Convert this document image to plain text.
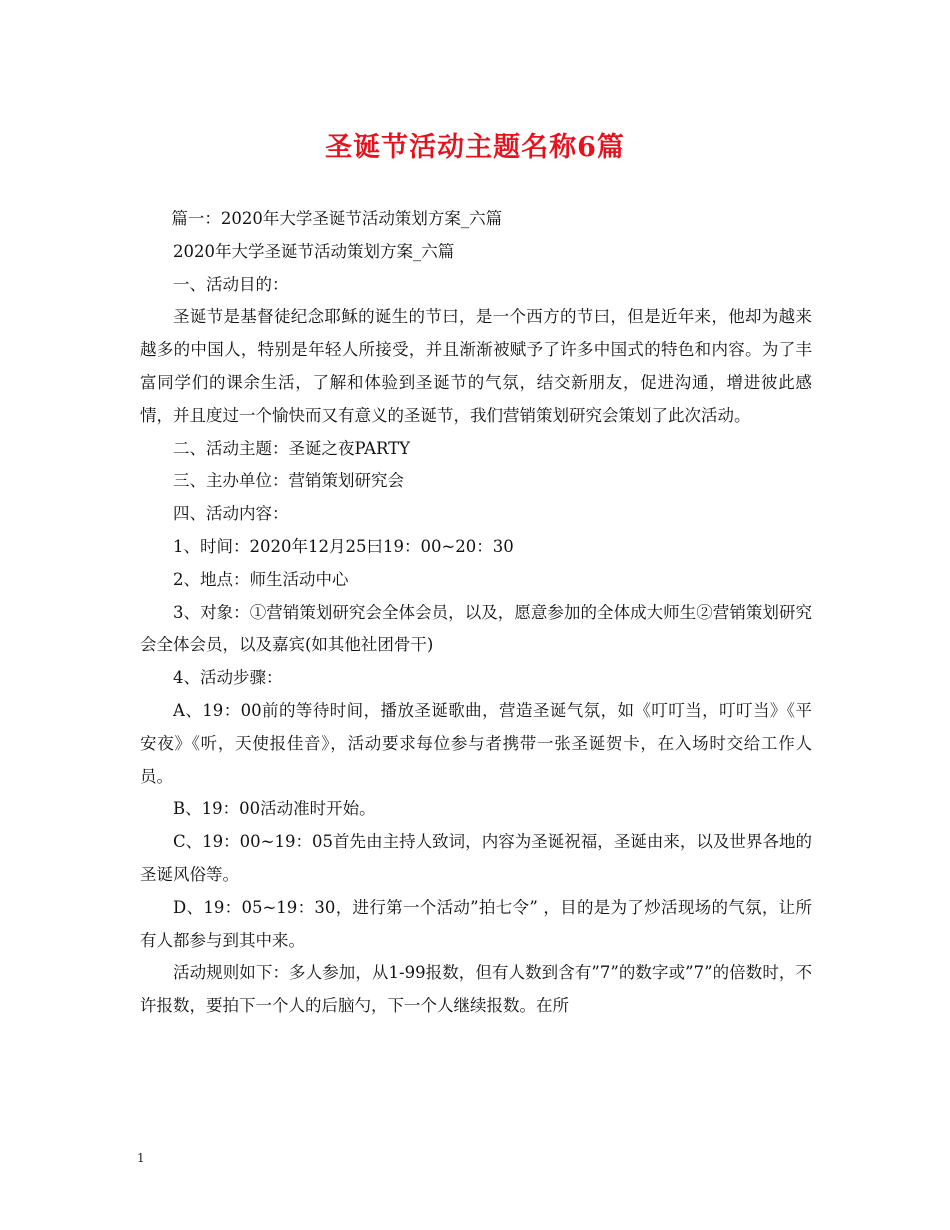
圣诞节活动主题名称6篇

篇一：2020年大学圣诞节活动策划方案_六篇

2020年大学圣诞节活动策划方案_六篇

一、活动目的：

圣诞节是基督徒纪念耶稣的诞生的节曰，是一个西方的节曰，但是近年来，他却为越来越多的中国人，特别是年轻人所接受，并且渐渐被赋予了许多中国式的特色和内容。为了丰富同学们的课余生活，了解和体验到圣诞节的气氛，结交新朋友，促进沟通，增进彼此感情，并且度过一个愉快而又有意义的圣诞节，我们营销策划研究会策划了此次活动。

二、活动主题：圣诞之夜PARTY

三、主办单位：营销策划研究会

四、活动内容：

1、时间：2020年12月25曰19：00~20：30

2、地点：师生活动中心

3、对象：①营销策划研究会全体会员，以及，愿意参加的全体成大师生②营销策划研究会全体会员，以及嘉宾(如其他社团骨干)

4、活动步骤：

A、19：00前的等待时间，播放圣诞歌曲，营造圣诞气氛，如《叮叮当，叮叮当》《平安夜》《听，天使报佳音》，活动要求每位参与者携带一张圣诞贺卡，在入场时交给工作人员。

B、19：00活动准时开始。

C、19：00~19：05首先由主持人致词，内容为圣诞祝福，圣诞由来，以及世界各地的圣诞风俗等。

D、19：05~19：30，进行第一个活动”拍七令” ，目的是为了炒活现场的气氛，让所有人都参与到其中来。

活动规则如下：多人参加，从1-99报数，但有人数到含有”7”的数字或”7”的倍数时，不许报数，要拍下一个人的后脑勺，下一个人继续报数。在所

1
